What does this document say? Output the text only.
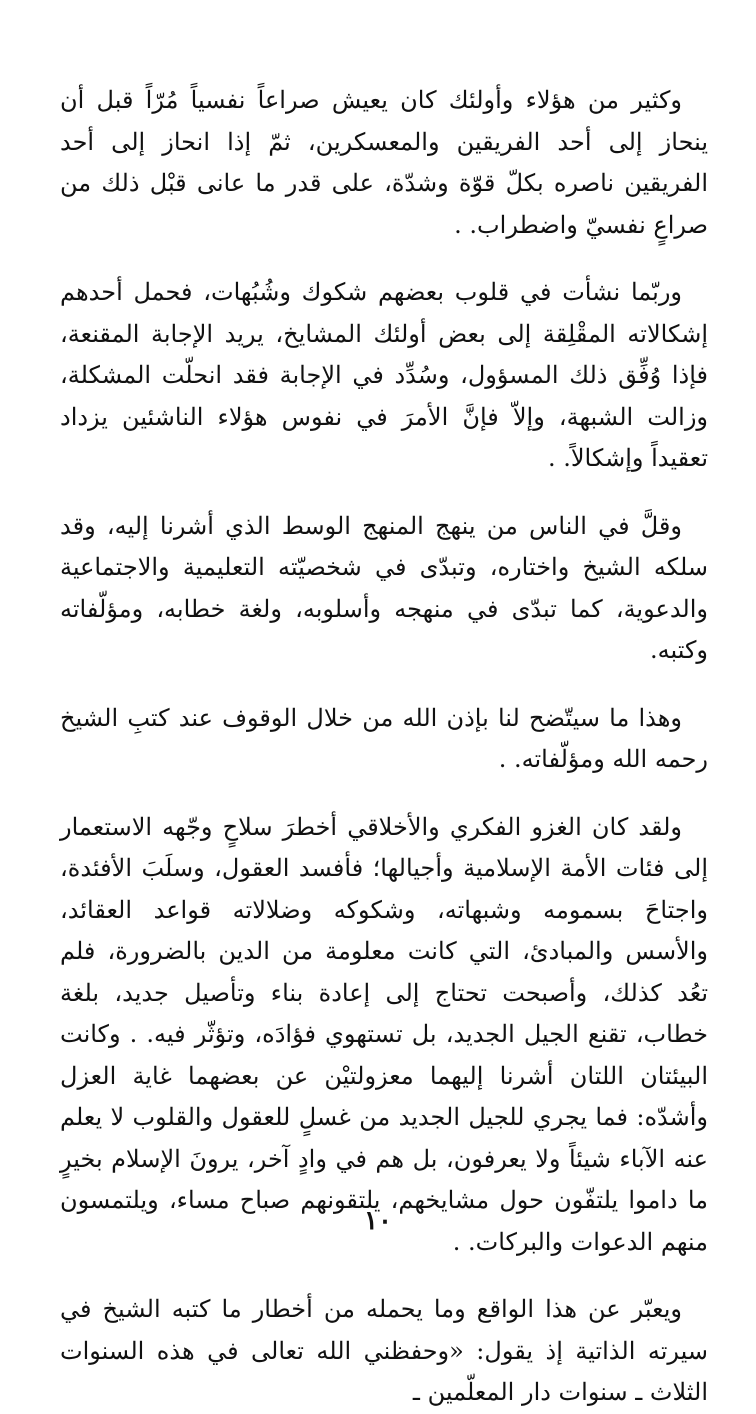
وكثير من هؤلاء وأولئك كان يعيش صراعاً نفسياً مُرّاً قبل أن ينحاز إلى أحد الفريقين والمعسكرين، ثمّ إذا انحاز إلى أحد الفريقين ناصره بكلّ قوّة وشدّة، على قدر ما عانى قبْل ذلك من صراعٍ نفسيّ واضطراب. .

وربّما نشأت في قلوب بعضهم شكوك وشُبُهات، فحمل أحدهم إشكالاته المقْلِقة إلى بعض أولئك المشايخ، يريد الإجابة المقنعة، فإذا وُفِّق ذلك المسؤول، وسُدِّد في الإجابة فقد انحلّت المشكلة، وزالت الشبهة، وإلاّ فإنَّ الأمرَ في نفوس هؤلاء الناشئين يزداد تعقيداً وإشكالاً. .

وقلَّ في الناس من ينهج المنهج الوسط الذي أشرنا إليه، وقد سلكه الشيخ واختاره، وتبدّى في شخصيّته التعليمية والاجتماعية والدعوية، كما تبدّى في منهجه وأسلوبه، ولغة خطابه، ومؤلّفاته وكتبه.

وهذا ما سيتّضح لنا بإذن الله من خلال الوقوف عند كتبِ الشيخ رحمه الله ومؤلّفاته. .

ولقد كان الغزو الفكري والأخلاقي أخطرَ سلاحٍ وجّهه الاستعمار إلى فئات الأمة الإسلامية وأجيالها؛ فأفسد العقول، وسلَبَ الأفئدة، واجتاحَ بسمومه وشبهاته، وشكوكه وضلالاته قواعد العقائد، والأسس والمبادئ، التي كانت معلومة من الدين بالضرورة، فلم تعُد كذلك، وأصبحت تحتاج إلى إعادة بناء وتأصيل جديد، بلغة خطاب، تقنع الجيل الجديد، بل تستهوي فؤادَه، وتؤثّر فيه. . وكانت البيئتان اللتان أشرنا إليهما معزولتيْن عن بعضهما غاية العزل وأشدّه: فما يجري للجيل الجديد من غسلٍ للعقول والقلوب لا يعلم عنه الآباء شيئاً ولا يعرفون، بل هم في وادٍ آخر، يرونَ الإسلام بخيرٍ ما داموا يلتفّون حول مشايخهم، يلتقونهم صباح مساء، ويلتمسون منهم الدعوات والبركات. .

ويعبّر عن هذا الواقع وما يحمله من أخطار ما كتبه الشيخ في سيرته الذاتية إذ يقول: «وحفظني الله تعالى في هذه السنوات الثلاث ـ سنوات دار المعلّمين ـ

١٠
